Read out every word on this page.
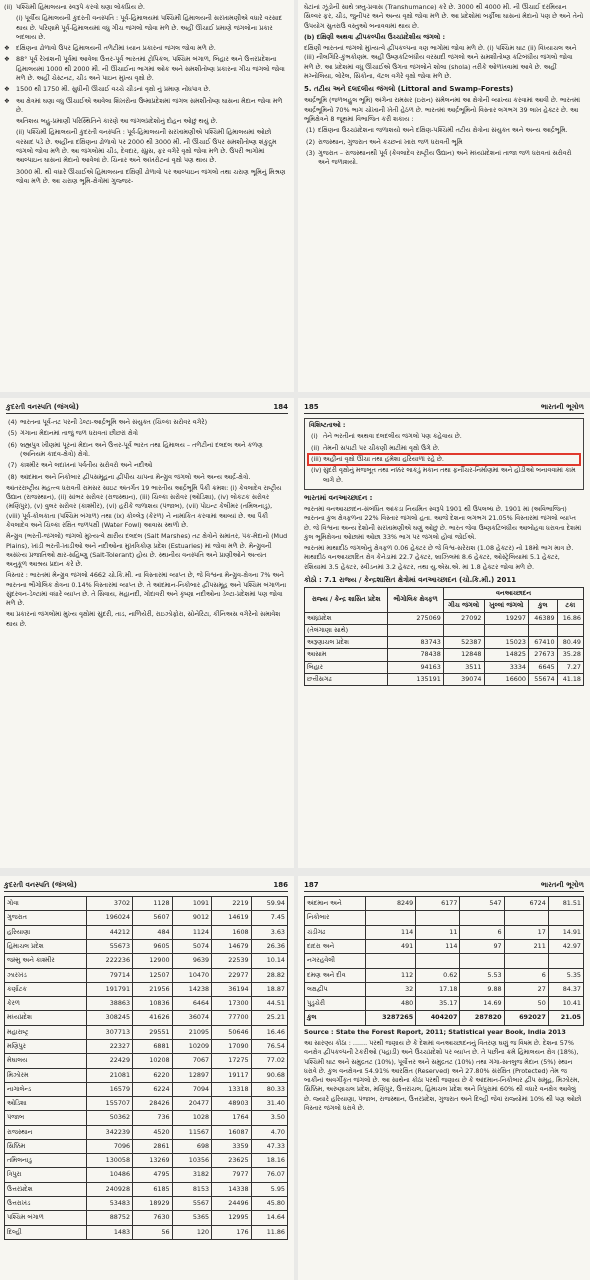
(ii) પશ્ચિમી હિમાલયના સ્વરૂપે કરવો ઘણા લોકપ્રિય છે.
(i) પૂર્વીય હિમાલયની કુદરતી વનસ્પતિ : પૂર્વ-હિમાલયમાં પશ્ચિમી હિમાલયની સરખામણીએ વધારે વરસાદ થાય છે. પરિણામે પૂર્વ-હિમાલયમાં વધુ ગીચ જંગલો જોવા મળે છે. અહીં ઊંચાઈ પ્રમાણે જંગલોના પ્રકાર બદલાય છે.
❖ દક્ષિણના ઢોળાવો ઉપર હિમાલયની તળેટીમાં ધ્યાન પ્રકારનાં જંગલ જોવા મળે છે.
❖ 88° પૂર્વ રેખાંશની પૂર્વમાં આવેલા ઉત્તર-પૂર્વ ભારતમાં ટ્રોપિકલ, પશ્ચિમ બંગાળ, બિહાર અને ઉત્તરપ્રદેશના હિમાલયમાં 1000 થી 2000 મી. ની ઊંચાઈના ભાગમાં ઓક અને સમશીતોષ્ણ પ્રકારના ગીચ જંગલો જોવા મળે છે. અહીં ચેસ્ટનટ, ચીડ અને પાઇન મુખ્ય વૃક્ષો છે.
❖ 1500 થી 1750 મી. સુધીની ઊંચાઈ વચ્ચે ચીડનાં વૃક્ષો નું પ્રમાણ નોંધપાત્ર છે.
❖ આ ક્ષેત્રમાં ઘણા વધુ ઊંચાઈએ આવેલા શિખરોના ઉષ્માપ્રદેશમાં જંગલ સમશીતોષ્ણ ઘાસના મેદાન જોવા મળે છે.
અતિશય બહુ-પ્રમાણી પરિસ્થિતિને કારણે આ જંગલપ્રદેશોનું દોહન ઓછું થયું છે.
(ii) પશ્ચિમી હિમાલયની કુદરતી વનસ્પતિ : પૂર્વ-હિમાલયની સરખામણીએ પશ્ચિમી હિમાલયમાં ઓછો વરસાદ પડે છે. અહીંના દક્ષિણના ઢોળાવો પર 2000 થી 3000 મી. ની ઊંચાઈ ઉપર સમશીતોષ્ણ શંકુદ્રુમ જંગલો જોવા મળે છે. આ જંગલોમાં ચીડ, દેવદાર, સ્પ્રુસ, ફર વગેરે વૃક્ષો જોવા મળે છે. ઉપરી ભાગોમાં આલ્પાઇન ઘાસનાં મેદાનો આવેલાં છે. ચિનાર અને અખરોટનાં વૃક્ષો પણ થાય છે.
3000 મી. થી વધારે ઊંચાઈએ હિમાલયના દક્ષિણી ઢોળાવો પર આલ્પાઇન જંગલો તથા ચરાણ ભૂમિનું મિશ્રણ જોવા મળે છે. આ ચરાણ ભૂમિ-ક્ષેત્રોમાં ગુજ્જર-

ઘેટાંનાં ઝૂંડોની સાથે ઋતુ-પ્રવાસ (Transhumance) કરે છે. 3000 થી 4000 મી. ની ઊંચાઈ દરમિયાન સિલ્વર ફર, ચીડ, જુનીપર અને અન્ય વૃક્ષો જોવા મળે છે. આ પ્રદેશોમાં બર્ફીલા ઘાસનાં મેદાનો પણ છે અને તેનો ઉપયોગ સુતરાઉ વસ્તુઓ બનાવવામાં થાય છે.

(b) દક્ષિણી અથવા દ્વીપકલ્પીય ઉચ્ચપ્રદેશીય જંગલો :

દક્ષિણી ભારતનાં જંગલો મુખ્યત્વે દ્વીપકલ્પના ત્રણ ભાગોમાં જોવા મળે છે. (i) પશ્ચિમ ઘાટ (ii) વિંધ્યાચલ અને (iii) નીલગિરિ-કુંભકોણમ. અહીં ઉષ્ણકટિબંધીય વરસાદી જંગલો અને સમશીતોષ્ણ કટિબંધીય જંગલો જોવા મળે છે. આ પ્રદેશમાં વધુ ઊંચાઈએ ઉગતા જંગલોને શોલા (shola) તરીકે ઓળખવામાં આવે છે. અહીં મગ્નોલિયા, લોરેલ, સિંકોના, વૅટલ વગેરે વૃક્ષો જોવા મળે છે.

5. તટીય અને દલદલીય જંગલો (Littoral and Swamp-Forests)

આર્દ્રભૂમિ (જળબહુલ ભૂમિ) અંગેના રામસર (ઇરાન) સંમેલનમાં આ ક્ષેત્રોની વ્યાખ્યા કરવામાં આવી છે. ભારતમાં આર્દ્રભૂમિનો 70% ભાગ ચોખાની ખેતી હેઠળ છે. ભારતમાં આર્દ્રભૂમિનો વિસ્તાર લગભગ 39 લાખ હેક્ટર છે. આ ભૂમિક્ષેત્રને 8 જૂથમાં વિભાજિત કરી શકાય :

(1) દક્ષિણના ઉચ્ચપ્રદેશના જળાશયો અને દક્ષિણ-પશ્ચિમી તટીય ક્ષેત્રોના સંયુક્ત અને અન્ય આર્દ્રભૂમિ.
(2) રાજસ્થાન, ગુજરાત અને કચ્છનાં ખારા જળ ધરાવતી ભૂમિ
(3) ગુજરાત – રાજસ્થાનથી પૂર્વ (કેવલાદેવ રાષ્ટ્રીય ઉદ્યાન) અને મધ્યપ્રદેશનાં તાજા જળ ધરાવતાં સરોવરો અને જળાશયો.
કુદરતી વનસ્પતિ (જંગલો)	184
(4) ભારતના પૂર્વ-તટ પરની ડેલ્ટા-આર્દ્રભૂમિ અને સંયુક્ત (ચિલ્કા સરોવર વગેરે)
(5) ગંગાના મેદાનમાં તાજું જળ ધરાવતાં છીછરાં ક્ષેત્રો
(6) બ્રહ્મપુત્ર ખીણમાં પૂરનાં મેદાન અને ઉત્તર-પૂર્વ ભારત તથા હિમાલય – તળેટીનાં દલદલ અને કળણ (અનિયમ કાદવ-ક્ષેત્રો) ક્ષેત્રો.
(7) કાશ્મીર અને લદાખનાં પર્વતીય સરોવરો અને નદીઓ
(8) આંદમાન અને નિકોબાર દ્વીપસમૂહના દ્વીપીય ચાપના મેન્ગ્રુવ જંગલો અને અન્ય આર્દ્ર-ક્ષેત્રો.

આંતરરાષ્ટ્રીય મહત્ત્વ ધરાવતી રામસર સાઇટ અંતર્ગત 19 ભારતીય આર્દ્રભૂમિ પૈકી ક્રમશ: (i) કેવલાદેવ રાષ્ટ્રીય ઉદ્યાન (રાજસ્થાન), (ii) સાંભર સરોવર (રાજસ્થાન), (iii) ચિલ્કા સરોવર (ઓડિશા), (iv) લોકટક સરોવર (મણિપુર), (v) વુલર સરોવર (કાશ્મીર), (vi) હરીકે જળાશય (પંજાબ), (vii) પોઇન્ટ કેલીમર (તમિલનાડુ), (viii) પૂર્વ-કોલકાતા (પશ્ચિમ બંગાળ) તથા (ix) કોલ્લેરૂ (કેરળ) ને નામાંકિત કરવામાં આવ્યાં છે. આ પૈકી કેવલાદેવ અને ચિલ્કા રક્ષિત જળપક્ષી (Water Fowl) આવાસ સ્થળો છે.

મેન્ગ્રુવ (ભરતી-જંગલો) જંગલો મુખ્યત્વે ક્ષારીય દલદલ (Salt Marshes) તટ ક્ષેત્રોને સમાંતર, પંક-મેદાનો (Mud Plains), ખાંડી ભરતી-ખાડીઓ અને નદીઓના મુખત્રિકોણ પ્રદેશ (Estuaries) માં જોવા મળે છે. મેન્ગ્રુવની અસંખ્ય પ્રજાતિઓ ક્ષાર-સહિષ્ણુ (Salt-Tolerant) હોય છે. સ્થાનીય વનસ્પતિ અને પ્રાણીઓને અત્યંત અનુકૂળ આશ્રય પ્રદાન કરે છે.

વિસ્તાર : ભારતમાં મેન્ગ્રુવ જંગલો 4662 ચો.કિ.મી. ના વિસ્તારમાં વ્યાપ્ત છે, જે વિશ્વના મેન્ગ્રુવ-ક્ષેત્રના 7% અને ભારતના ભૌગોલિક ક્ષેત્રના 0.14% વિસ્તારમાં વ્યાપ્ત છે. તે આંદમાન-નિકોબાર દ્વીપસમૂહ અને પશ્ચિમ બંગાળના સુંદરવન-ડેલ્ટામાં વધારે વ્યાપ્ત છે. તે સિવાય, મહાનદી, ગોદાવરી અને કૃષ્ણા નદીઓના ડેલ્ટા-પ્રદેશમાં પણ જોવા મળે છે.

આ પ્રકારનાં જંગલોમાં મુખ્ય વૃક્ષોમાં સુંદરી, તાડ, નાળિયેરી, રાઇઝોફોરા, સોનેરિટા, કીનિઅસ વગેરેનો સમાવેશ થાય છે.

185	ભારતની ભૂગોળ

વિશિષ્ટતાઓ :

(i) તેને ભરતીનાં અથવા દલદલીય જંગલો પણ કહેવાય છે.
(ii) તેમની સપાટી પર ચીકણી માટીમાં વૃક્ષો ઉગે છે.
(iii) અહીંનાં વૃક્ષો ઊંચા તથા હંમેશા હરિયાળાં રહે છે.
(iv) સુંદરી વૃક્ષોનું મજબૂત તથા નક્કર લાકડું મકાન તથા ફર્નીચર-નિર્માણમાં અને હોડીઓ બનાવવામાં કામ લાગે છે.

ભારતમાં વનઆચ્છાદન :

ભારતમાં વનઆચ્છાદન-સંબંધિત આંકડા નિયમિત સ્વરૂપે 1901 થી ઉપલબ્ધ છે. 1901 માં (અવિભાજિત) ભારતના કુલ ક્ષેત્રફળના 22% વિસ્તાર જંગલો હતા. આજે દેશના લગભગ 21.05% વિસ્તારમાં જંગલો વ્યાપ્ત છે. જે વિશ્વના અન્ય દેશોની સરખામણીએ ઘણું ઓછું છે. ભારત જેવા ઉષ્ણકટિબંધીય આબોહવા ધરાવતા દેશમાં કુલ ભૂમિક્ષેત્રના ઓછામાં ઓછા 33% ભાગ પર જંગલો હોવાં જોઈએ.

ભારતમાં માથાદીઠ જંગલોનું ક્ષેત્રફળ 0.06 હેક્ટર છે જે વિશ્વ-સરેરાશ (1.08 હેક્ટર) નો 18મો ભાગ માત્ર છે. માથાદીઠ વનઆચ્છાદિત ક્ષેત્ર કેનેડામાં 22.7 હેક્ટર, બ્રાઝિલમાં 8.6 હેક્ટર, ઓસ્ટ્રેલિયામાં 5.1 હેક્ટર, રશિયામાં 3.5 હેક્ટર, સ્વીડનમાં 3.2 હેક્ટર, તથા યુ.એસ.એ. માં 1.8 હેક્ટર જોવા મળે છે.

કોઠો : 7.1 રાજ્ય / કેન્દ્રશાસિત ક્ષેત્રોમાં વનઆચ્છાદન (ચો.કિ.મી.) 2011

રાજ્ય / કેન્દ્ર શાસિત પ્રદેશ	ભૌગોલિક ક્ષેત્રફળ	વનઆચ્છાદન			
		ગીચ જંગલો	ખુલ્લાં જંગલો	કુલ	ટકા
આંધ્રપ્રદેશ	275069	27092	19297	46389	16.86
(તેલંગાણા સાથે)					
અરૂણાચલ પ્રદેશ	83743	52387	15023	67410	80.49
આસામ	78438	12848	14825	27673	35.28
બિહાર	94163	3511	3334	6645	7.27
છત્તીસગઢ	135191	39074	16600	55674	41.18
કુદરતી વનસ્પતિ (જંગલો)	186
ગોવા	3702	1128	1091	2219	59.94
ગુજરાત	196024	5607	9012	14619	7.45
હરિયાણા	44212	484	1124	1608	3.63
હિમાચલ પ્રદેશ	55673	9605	5074	14679	26.36
જમ્મુ અને કાશ્મીર	222236	12900	9639	22539	10.14
ઝારખંડ	79714	12507	10470	22977	28.82
કર્ણાટક	191791	21956	14238	36194	18.87
કેરળ	38863	10836	6464	17300	44.51
મધ્યપ્રદેશ	308245	41626	36074	77700	25.21
મહારાષ્ટ્ર	307713	29551	21095	50646	16.46
મણિપુર	22327	6881	10209	17090	76.54
મેઘાલય	22429	10208	7067	17275	77.02
મિઝોરમ	21081	6220	12897	19117	90.68
નાગાલેન્ડ	16579	6224	7094	13318	80.33
ઓડિશા	155707	28426	20477	48903	31.40
પંજાબ	50362	736	1028	1764	3.50
રાજસ્થાન	342239	4520	11567	16087	4.70
સિક્કિમ	7096	2861	698	3359	47.33
તમિલનાડુ	130058	13269	10356	23625	18.16
ત્રિપુરા	10486	4795	3182	7977	76.07
ઉત્તરપ્રદેશ	240928	6185	8153	14338	5.95
ઉત્તરાખંડ	53483	18929	5567	24496	45.80
પશ્ચિમ બંગાળ	88752	7630	5365	12995	14.64
દિલ્હી	1483	56	120	176	11.86
187	ભારતની ભૂગોળ
અંદમાન અને	8249	6177	547	6724	81.51
નિકોબાર					
ચંડીગઢ	114	11	6	17	14.91
દાદરા અને	491	114	97	211	42.97
નગરહવેલી					
દમણ અને દીવ	112	0.62	5.53	6	5.35
લક્ષદ્વીપ	32	17.18	9.88	27	84.37
પુડુચેરી	480	35.17	14.69	50	10.41
કુલ	3287265	404207	287820	692027	21.05

Source : State the Forest Report, 2011; Statistical year Book, India 2013

આ સારણ્ય કોઠા : ....... પરથી જણાય છે કે દેશમાં વનઆચ્છાદનનું વિતરણ ઘણું જ વિષમ છે. દેશના 57% વનક્ષેત્ર દ્વીપકલ્પની ટેકરીઓ (પહાડી) અને ઉચ્ચપ્રદેશો પર વ્યાપ્ત છે. તે પછીના ક્રમે હિમાલયન ક્ષેત્ર (18%), પશ્ચિમી ઘાટ અને સમુદ્રતટ (10%), પૂર્વોત્તર અને સમુદ્રતટ (10%) તથા ગંગા-સતલુજ મેદાન (5%) સ્થાન ધરાવે છે. કુલ વનક્ષેત્રના 54.91% આરક્ષિત (Reserved) અને 27.80% સંરક્ષિત (Protected) તેમ જ બાકીનાં અવર્ગીકૃત જંગલો છે. આ સાથેના કોઠા પરથી જણાય છે કે આંદમાન-નિકોબાર દ્વીપ સમૂહ, મિઝોરમ, સિક્કિમ, અરુણાચલ પ્રદેશ, મણિપુર, ઉત્તરાંચલ, હિમાચલ પ્રદેશ અને ત્રિપુરામાં 60% થી વધારે વનક્ષેત્ર આવેલું છે. જ્યારે હરિયાણા, પંજાબ, રાજસ્થાન, ઉત્તરપ્રદેશ, ગુજરાત અને દિલ્હી જેવાં રાજ્યોમાં 10% થી પણ ઓછો વિસ્તાર જંગલો ધરાવે છે.
